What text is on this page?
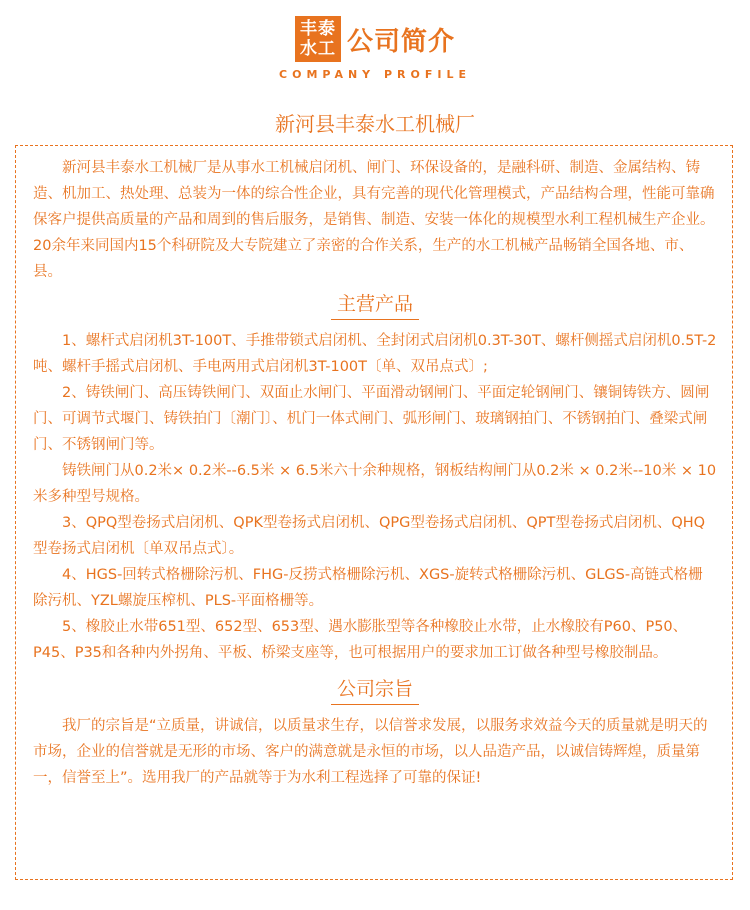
丰泰
水工 公司简介
COMPANY PROFILE
新河县丰泰水工机械厂

新河县丰泰水工机械厂是从事水工机械启闭机、闸门、环保设备的，是融科研、制造、金属结构、铸造、机加工、热处理、总装为一体的综合性企业，具有完善的现代化管理模式，产品结构合理，性能可靠确保客户提供高质量的产品和周到的售后服务，是销售、制造、安装一体化的规模型水利工程机械生产企业。20余年来同国内15个科研院及大专院建立了亲密的合作关系，生产的水工机械产品畅销全国各地、市、县。

主营产品

1、螺杆式启闭机3T-100T、手推带锁式启闭机、全封闭式启闭机0.3T-30T、螺杆侧摇式启闭机0.5T-2吨、螺杆手摇式启闭机、手电两用式启闭机3T-100T〔单、双吊点式〕;

2、铸铁闸门、高压铸铁闸门、双面止水闸门、平面滑动钢闸门、平面定轮钢闸门、镶铜铸铁方、圆闸门、可调节式堰门、铸铁拍门〔潮门〕、机门一体式闸门、弧形闸门、玻璃钢拍门、不锈钢拍门、叠梁式闸门、不锈钢闸门等。

铸铁闸门从0.2米× 0.2米--6.5米 × 6.5米六十余种规格，钢板结构闸门从0.2米 × 0.2米--10米 × 10米多种型号规格。

3、QPQ型卷扬式启闭机、QPK型卷扬式启闭机、QPG型卷扬式启闭机、QPT型卷扬式启闭机、QHQ型卷扬式启闭机〔单双吊点式〕。

4、HGS-回转式格栅除污机、FHG-反捞式格栅除污机、XGS-旋转式格栅除污机、GLGS-高链式格栅除污机、YZL螺旋压榨机、PLS-平面格栅等。

5、橡胶止水带651型、652型、653型、遇水膨胀型等各种橡胶止水带，止水橡胶有P60、P50、P45、P35和各种内外拐角、平板、桥梁支座等，也可根据用户的要求加工订做各种型号橡胶制品。

公司宗旨

我厂的宗旨是“立质量，讲诚信，以质量求生存，以信誉求发展，以服务求效益今天的质量就是明天的市场，企业的信誉就是无形的市场、客户的满意就是永恒的市场，以人品造产品，以诚信铸辉煌，质量第一，信誉至上”。选用我厂的产品就等于为水利工程选择了可靠的保证!
